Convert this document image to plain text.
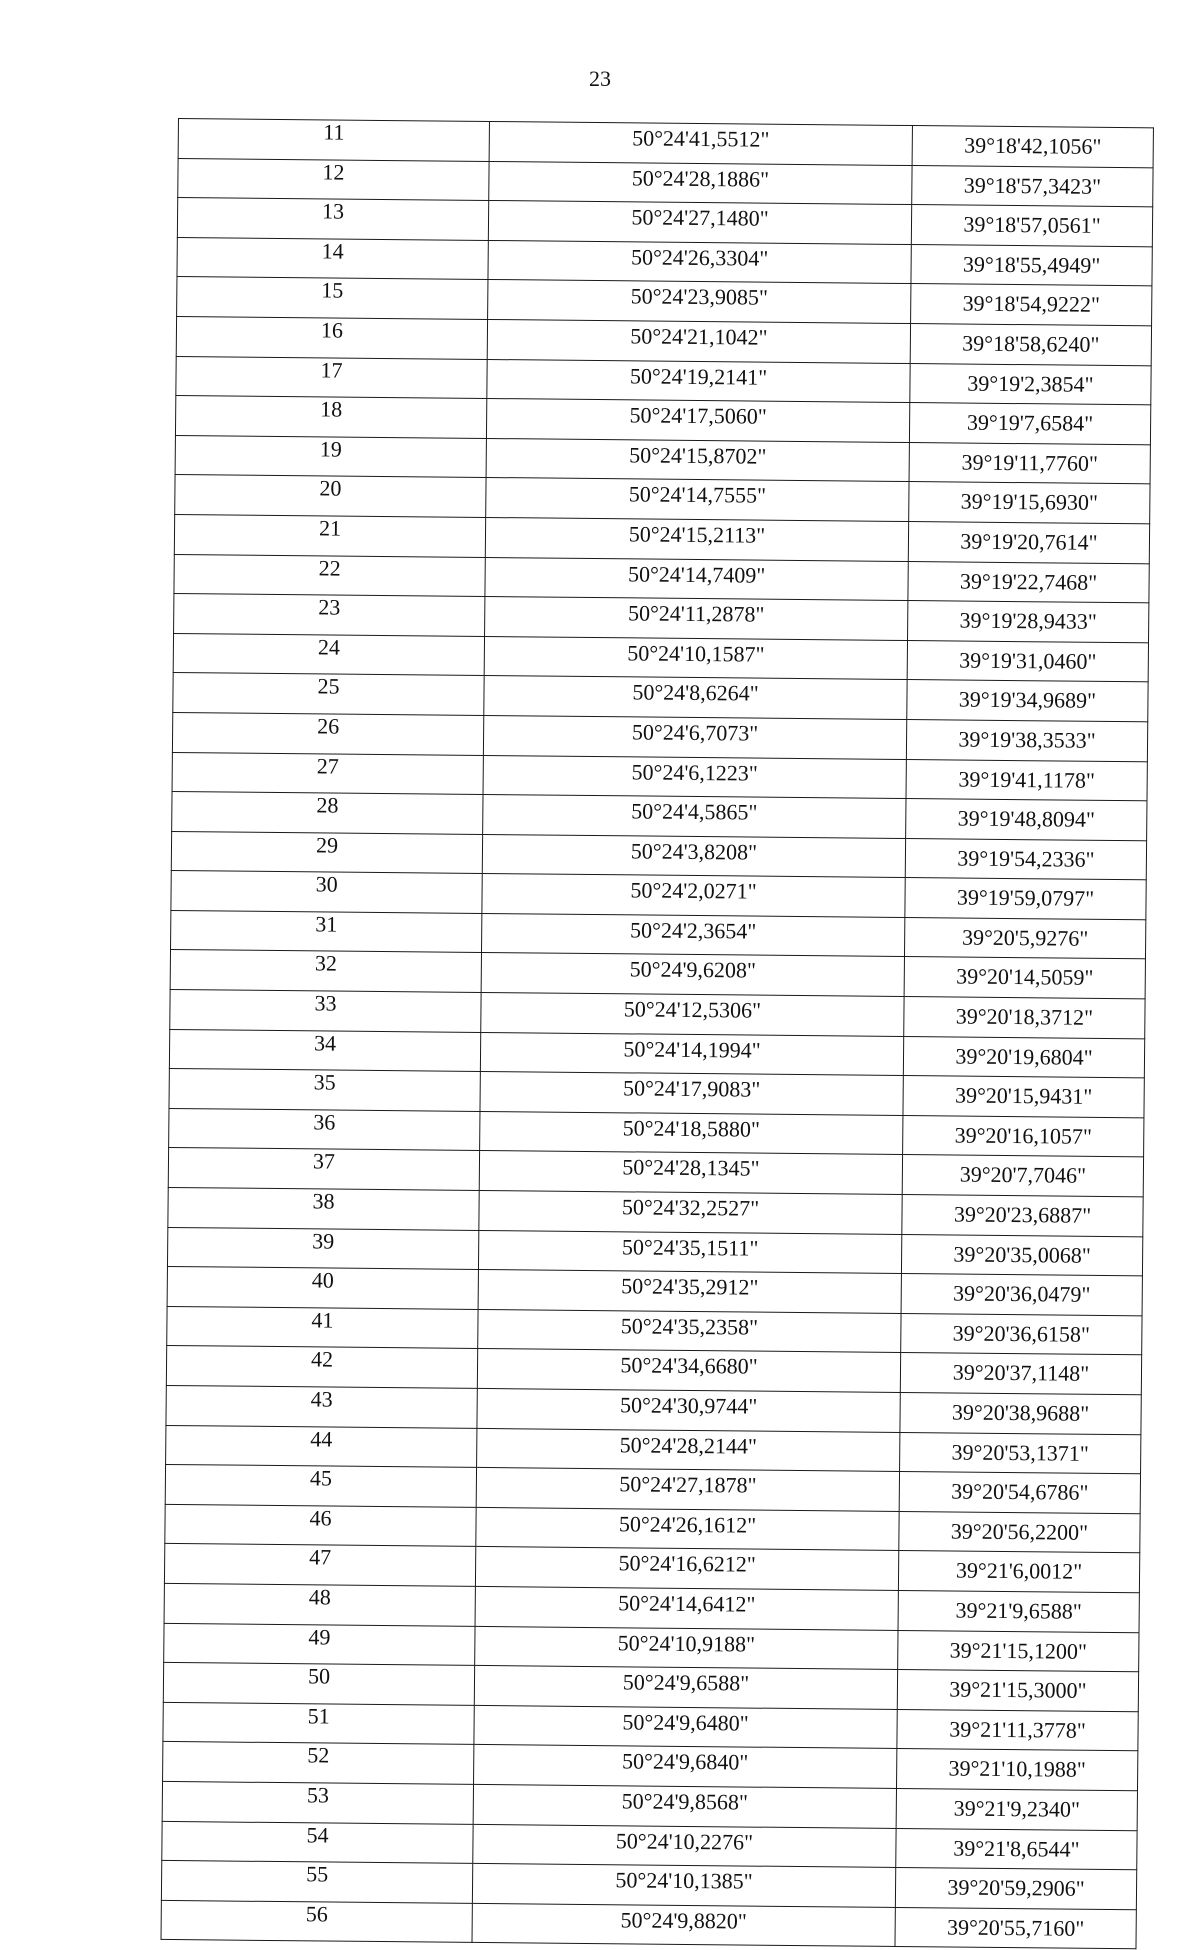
23
11	50°24'41,5512"	39°18'42,1056"
12	50°24'28,1886"	39°18'57,3423"
13	50°24'27,1480"	39°18'57,0561"
14	50°24'26,3304"	39°18'55,4949"
15	50°24'23,9085"	39°18'54,9222"
16	50°24'21,1042"	39°18'58,6240"
17	50°24'19,2141"	39°19'2,3854"
18	50°24'17,5060"	39°19'7,6584"
19	50°24'15,8702"	39°19'11,7760"
20	50°24'14,7555"	39°19'15,6930"
21	50°24'15,2113"	39°19'20,7614"
22	50°24'14,7409"	39°19'22,7468"
23	50°24'11,2878"	39°19'28,9433"
24	50°24'10,1587"	39°19'31,0460"
25	50°24'8,6264"	39°19'34,9689"
26	50°24'6,7073"	39°19'38,3533"
27	50°24'6,1223"	39°19'41,1178"
28	50°24'4,5865"	39°19'48,8094"
29	50°24'3,8208"	39°19'54,2336"
30	50°24'2,0271"	39°19'59,0797"
31	50°24'2,3654"	39°20'5,9276"
32	50°24'9,6208"	39°20'14,5059"
33	50°24'12,5306"	39°20'18,3712"
34	50°24'14,1994"	39°20'19,6804"
35	50°24'17,9083"	39°20'15,9431"
36	50°24'18,5880"	39°20'16,1057"
37	50°24'28,1345"	39°20'7,7046"
38	50°24'32,2527"	39°20'23,6887"
39	50°24'35,1511"	39°20'35,0068"
40	50°24'35,2912"	39°20'36,0479"
41	50°24'35,2358"	39°20'36,6158"
42	50°24'34,6680"	39°20'37,1148"
43	50°24'30,9744"	39°20'38,9688"
44	50°24'28,2144"	39°20'53,1371"
45	50°24'27,1878"	39°20'54,6786"
46	50°24'26,1612"	39°20'56,2200"
47	50°24'16,6212"	39°21'6,0012"
48	50°24'14,6412"	39°21'9,6588"
49	50°24'10,9188"	39°21'15,1200"
50	50°24'9,6588"	39°21'15,3000"
51	50°24'9,6480"	39°21'11,3778"
52	50°24'9,6840"	39°21'10,1988"
53	50°24'9,8568"	39°21'9,2340"
54	50°24'10,2276"	39°21'8,6544"
55	50°24'10,1385"	39°20'59,2906"
56	50°24'9,8820"	39°20'55,7160"
